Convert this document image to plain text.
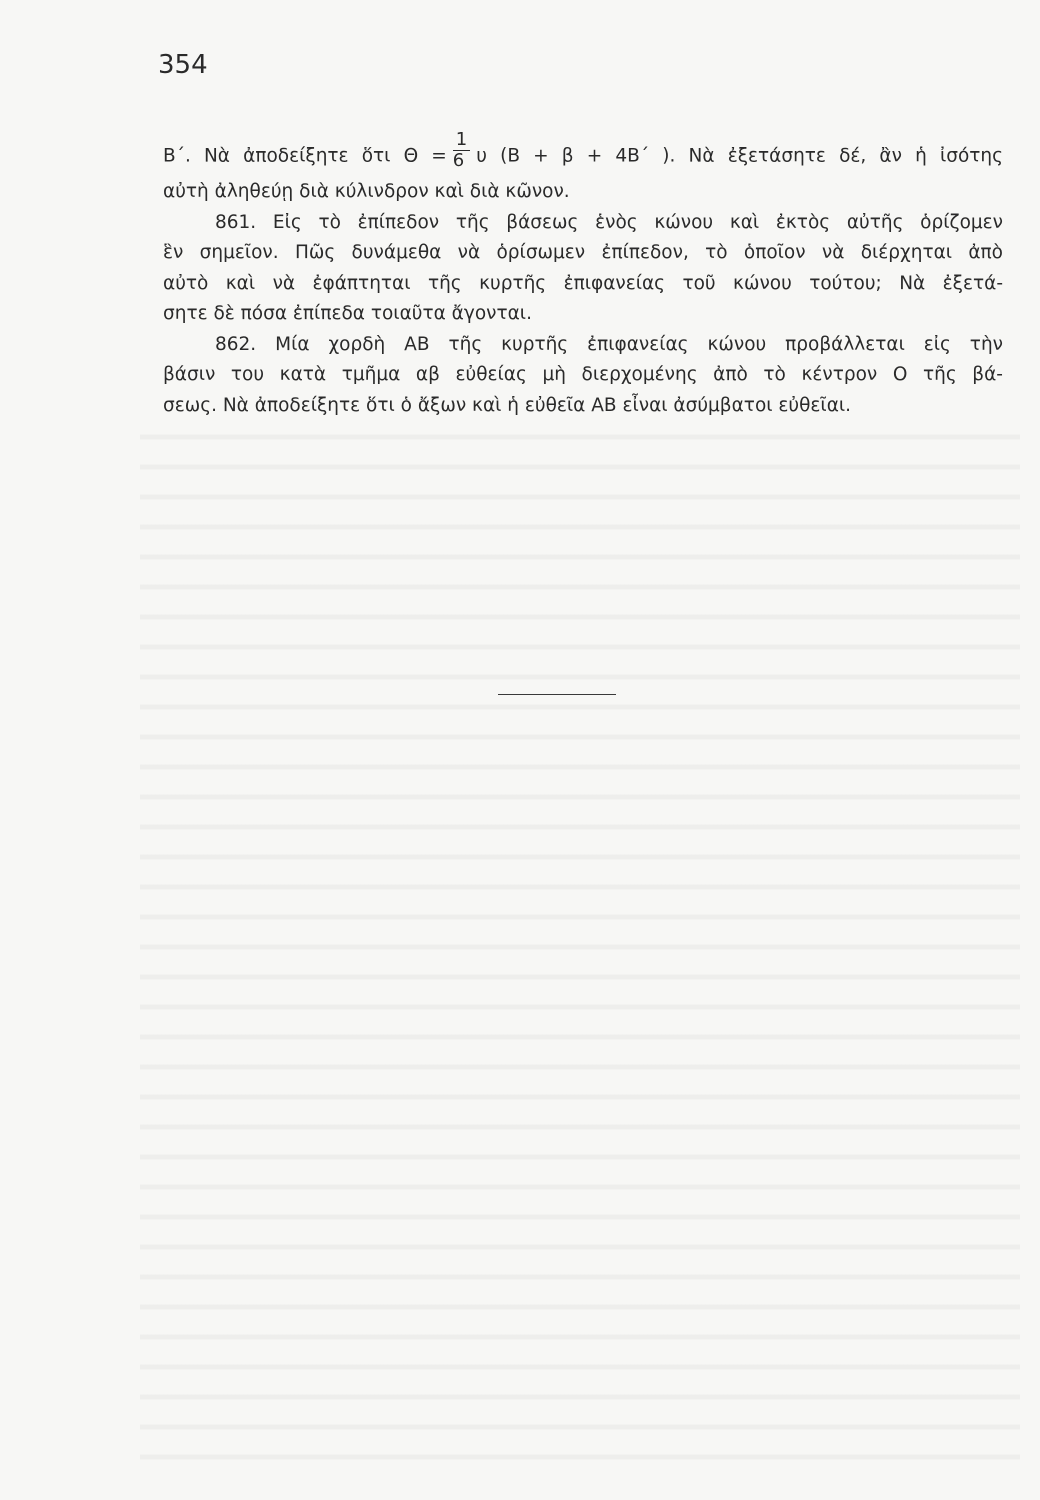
354
Β΄. Νὰ ἀποδείξητε ὅτι $\Theta = \frac{1}{6}$ υ (Β + β + 4Β΄ ). Νὰ ἐξετάσητε δέ, ἂν ἡ ἰσότης
αὐτὴ ἀληθεύῃ διὰ κύλινδρον καὶ διὰ κῶνον.
861. Εἰς τὸ ἐπίπεδον τῆς βάσεως ἑνὸς κώνου καὶ ἐκτὸς αὐτῆς ὁρίζομεν
ἓν σημεῖον. Πῶς δυνάμεθα νὰ ὁρίσωμεν ἐπίπεδον, τὸ ὁποῖον νὰ διέρχηται ἀπὸ
αὐτὸ καὶ νὰ ἐφάπτηται τῆς κυρτῆς ἐπιφανείας τοῦ κώνου τούτου; Νὰ ἐξετά-
σητε δὲ πόσα ἐπίπεδα τοιαῦτα ἄγονται.
862. Μία χορδὴ ΑΒ τῆς κυρτῆς ἐπιφανείας κώνου προβάλλεται εἰς τὴν
βάσιν του κατὰ τμῆμα αβ εὐθείας μὴ διερχομένης ἀπὸ τὸ κέντρον Ο τῆς βά-
σεως. Νὰ ἀποδείξητε ὅτι ὁ ἄξων καὶ ἡ εὐθεῖα ΑΒ εἶναι ἀσύμβατοι εὐθεῖαι.
